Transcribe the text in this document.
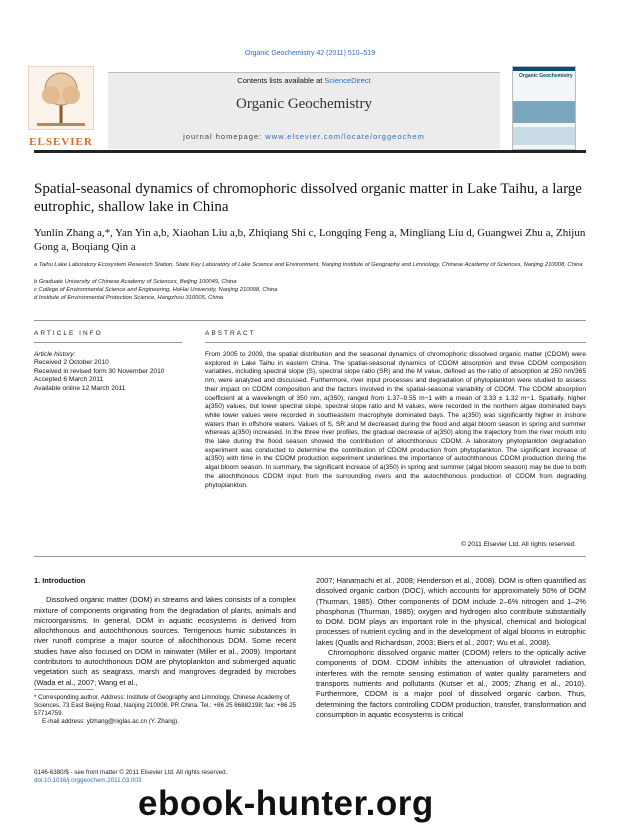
Organic Geochemistry 42 (2011) 510–519
ELSEVIER
Contents lists available at ScienceDirect
Organic Geochemistry
journal homepage: www.elsevier.com/locate/orggeochem
Organic Geochemistry
Spatial-seasonal dynamics of chromophoric dissolved organic matter in Lake Taihu, a large eutrophic, shallow lake in China
Yunlin Zhang a,*, Yan Yin a,b, Xiaohan Liu a,b, Zhiqiang Shi c, Longqing Feng a, Mingliang Liu d, Guangwei Zhu a, Zhijun Gong a, Boqiang Qin a
a Taihu Lake Laboratory Ecosystem Research Station, State Key Laboratory of Lake Science and Environment, Nanjing Institute of Geography and Limnology, Chinese Academy of Sciences, Nanjing 210008, China
b Graduate University of Chinese Academy of Sciences, Beijing 100049, China
c College of Environmental Science and Engineering, HoHai University, Nanjing 210098, China
d Institute of Environmental Protection Science, Hangzhou 310005, China
ARTICLE INFO	ABSTRACT

Article history:

Received 2 October 2010

Received in revised form 30 November 2010

Accepted 6 March 2011

Available online 12 March 2011

From 2005 to 2009, the spatial distribution and the seasonal dynamics of chromophoric dissolved organic matter (CDOM) were explored in Lake Taihu in eastern China. The spatial-seasonal dynamics of CDOM absorption and three CDOM composition variables, including spectral slope (S), spectral slope ratio (SR) and the M value, defined as the ratio of absorption at 250 nm/365 nm, were analyzed and discussed. Furthermore, river input processes and degradation of phytoplankton were studied to assess their impact on CDOM composition and the factors involved in the spatial-seasonal variability of CDOM. The CDOM absorption coefficient at a wavelength of 350 nm, a(350), ranged from 1.37–9.55 m−1 with a mean of 3.33 ± 1.32 m−1. Spatially, higher a(350) values, but lower spectral slope, spectral slope ratio and M values, were recorded in the northern algae dominated bays while lower values were recorded in southeastern macrophyte dominated bays. The a(350) was significantly higher in inshore waters than in offshore waters. Values of S, SR and M decreased during the flood and algal bloom season in spring and summer whereas a(350) increased. In the three river profiles, the gradual decrease of a(350) along the trajectory from the river mouth into the lake during the flood season showed the contribution of allochthonous CDOM. A laboratory phytoplankton degradation experiment was conducted to determine the contribution of CDOM production from phytoplankton. The significant increase of a(350) with time in the CDOM production experiment underlines the importance of autochthonous CDOM production during the algal bloom season. In summary, the significant increase of a(350) in spring and summer (algal bloom season) may be due to both the allochthonous CDOM input from the surrounding rivers and the autochthonous production of CDOM from degrading phytoplankton.
© 2011 Elsevier Ltd. All rights reserved.

1. Introduction

Dissolved organic matter (DOM) in streams and lakes consists of a complex mixture of components originating from the degradation of plants, animals and microorganisms. In general, DOM in aquatic ecosystems is derived from allochthonous and autochthonous sources. Terrigenous humic substances in river runoff comprise a major source of allochthonous DOM. Some recent studies have also focused on DOM in rainwater (Miller et al., 2009). Important contributors to autochthonous DOM are phytoplankton and submerged aquatic vegetation such as seagrass, marsh and mangroves degraded by microbes (Wada et al., 2007; Wang et al.,

2007; Hanamachi et al., 2008; Henderson et al., 2008). DOM is often quantified as dissolved organic carbon (DOC), which accounts for approximately 50% of DOM (Thurman, 1985). Other components of DOM include 2–6% nitrogen and 1–2% phosphorus (Thurman, 1985); oxygen and hydrogen also contribute substantially to DOM. DOM plays an important role in the physical, chemical and biological processes of nutrient cycling and in the development of algal blooms in eutrophic lakes (Qualls and Richardson, 2003; Biers et al., 2007; Wu et al., 2008).

Chromophoric dissolved organic matter (CDOM) refers to the optically active components of DOM. CDOM inhibits the attenuation of ultraviolet radiation, interferes with the remote sensing estimation of water quality parameters and transports nutrients and pollutants (Kutser et al., 2005; Zhang et al., 2010). Furthermore, CDOM is a major pool of dissolved organic carbon. Thus, determining the factors controlling CDOM production, transfer, transformation and consumption in aquatic ecosystems is critical

* Corresponding author. Address: Institute of Geography and Limnology, Chinese Academy of Sciences, 73 East Beijing Road, Nanjing 210008, PR China. Tel.: +86 25 86882198; fax: +86 25 57714759.

E-mail address: ylzhang@niglas.ac.cn (Y. Zhang).

0146-6380/$ - see front matter © 2011 Elsevier Ltd. All rights reserved.

doi:10.1016/j.orggeochem.2011.03.003

ebook-hunter.org
